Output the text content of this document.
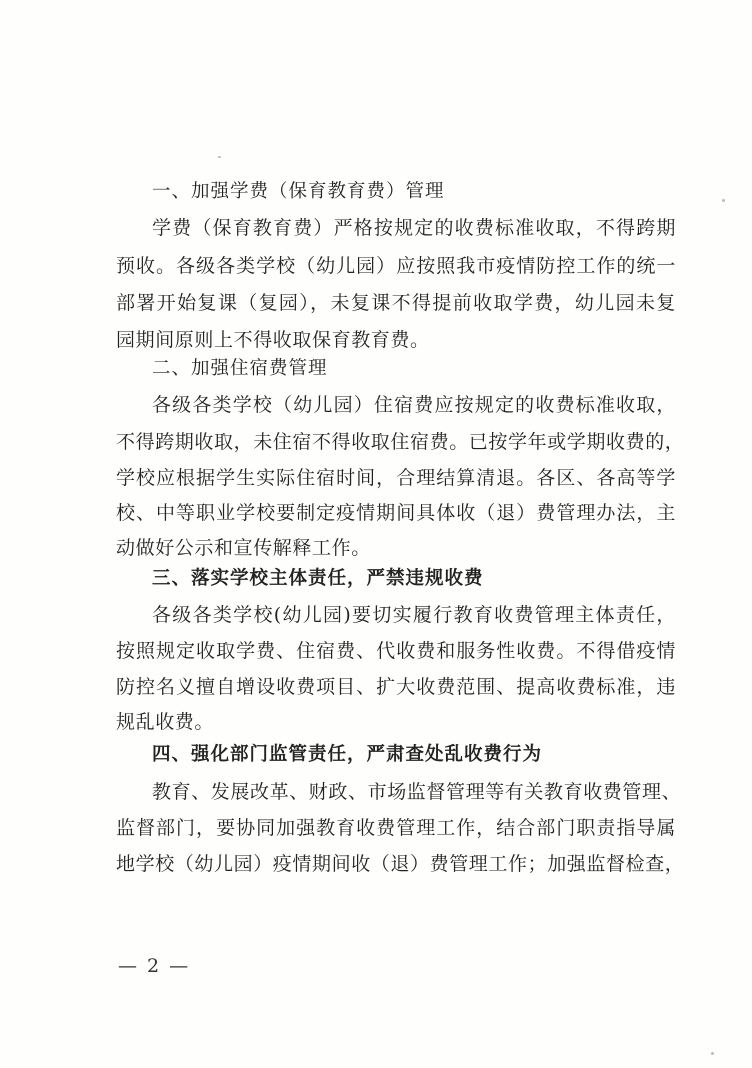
一、加强学费（保育教育费）管理
学费（保育教育费）严格按规定的收费标准收取，不得跨期
预收。各级各类学校（幼儿园）应按照我市疫情防控工作的统一
部署开始复课（复园），未复课不得提前收取学费，幼儿园未复
园期间原则上不得收取保育教育费。
二、加强住宿费管理
各级各类学校（幼儿园）住宿费应按规定的收费标准收取，
不得跨期收取，未住宿不得收取住宿费。已按学年或学期收费的，
学校应根据学生实际住宿时间，合理结算清退。各区、各高等学
校、中等职业学校要制定疫情期间具体收（退）费管理办法，主
动做好公示和宣传解释工作。
三、落实学校主体责任，严禁违规收费
各级各类学校(幼儿园)要切实履行教育收费管理主体责任，
按照规定收取学费、住宿费、代收费和服务性收费。不得借疫情
防控名义擅自增设收费项目、扩大收费范围、提高收费标准，违
规乱收费。
四、强化部门监管责任，严肃查处乱收费行为
教育、发展改革、财政、市场监督管理等有关教育收费管理、
监督部门，要协同加强教育收费管理工作，结合部门职责指导属
地学校（幼儿园）疫情期间收（退）费管理工作；加强监督检查，
— 2 —
